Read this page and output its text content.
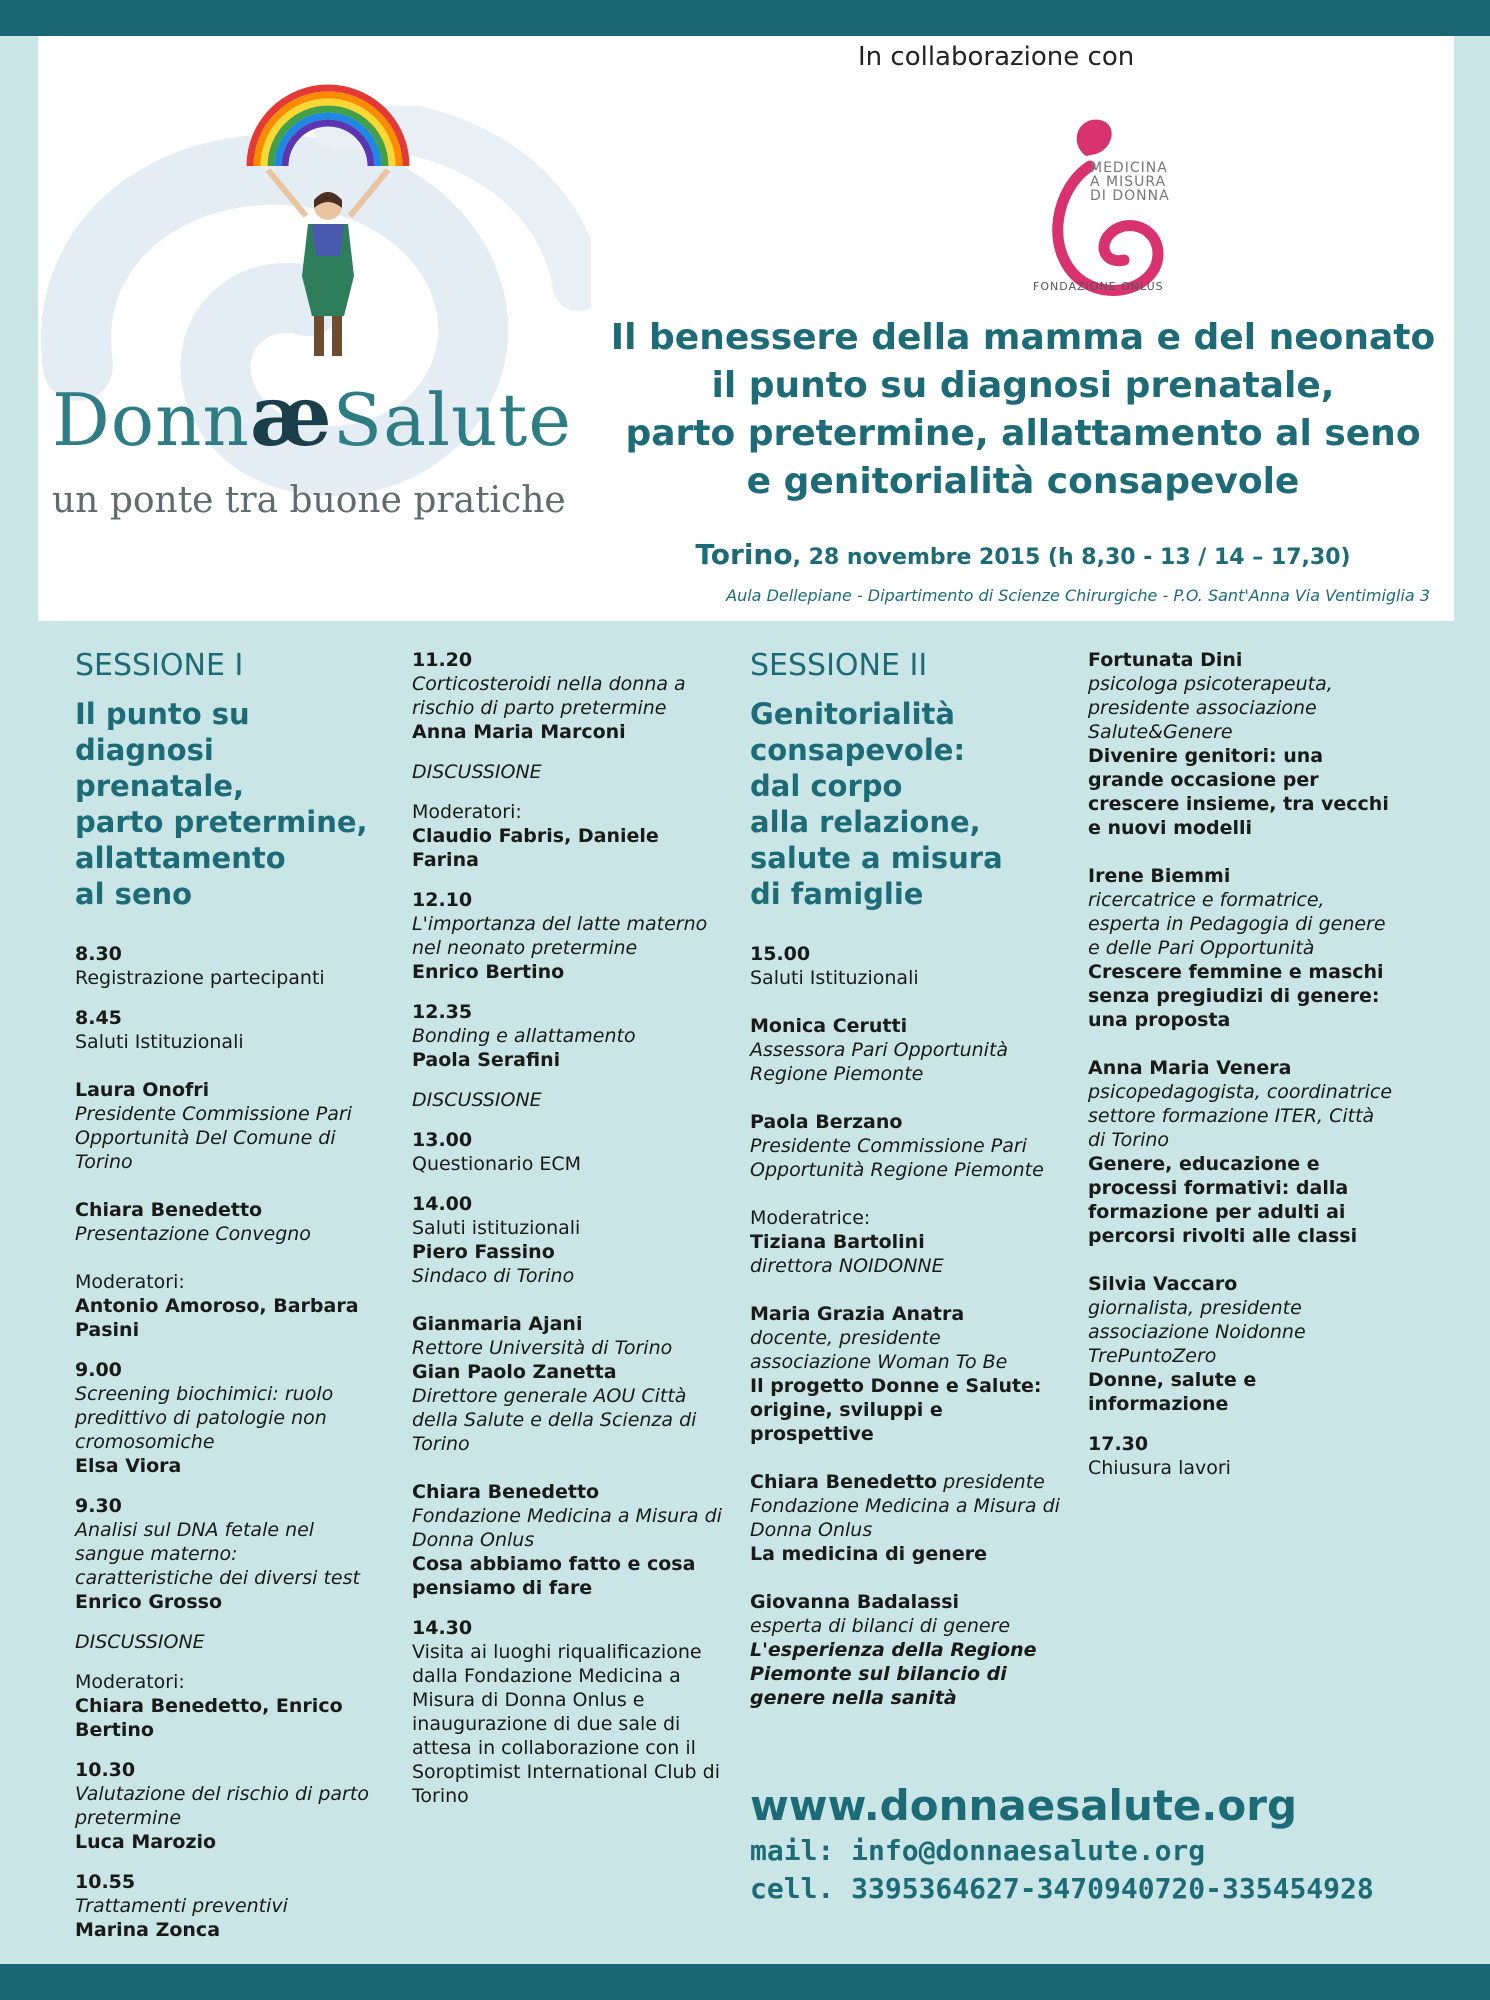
DonnæSalute
un ponte tra buone pratiche
In collaborazione con
MEDICINA
A MISURA
DI DONNA
FONDAZIONE ONLUS
Il benessere della mamma e del neonato
il punto su diagnosi prenatale,
parto pretermine, allattamento al seno
e genitorialità consapevole
Torino, 28 novembre 2015 (h 8,30 - 13 / 14 – 17,30)
Aula Dellepiane - Dipartimento di Scienze Chirurgiche - P.O. Sant'Anna Via Ventimiglia 3
SESSIONE I
Il punto su diagnosi
prenatale,
parto pretermine,
allattamento
al seno
8.30
Registrazione partecipanti
8.45
Saluti Istituzionali
Laura Onofri
Presidente Commissione Pari Opportunità Del Comune di Torino
Chiara Benedetto
Presentazione Convegno
Moderatori:
Antonio Amoroso, Barbara Pasini
9.00
Screening biochimici: ruolo predittivo di patologie non cromosomiche
Elsa Viora
9.30
Analisi sul DNA fetale nel sangue materno: caratteristiche dei diversi test
Enrico Grosso
DISCUSSIONE
Moderatori:
Chiara Benedetto, Enrico Bertino
10.30
Valutazione del rischio di parto pretermine
Luca Marozio
10.55
Trattamenti preventivi
Marina Zonca
11.20
Corticosteroidi nella donna a rischio di parto pretermine
Anna Maria Marconi
DISCUSSIONE
Moderatori:
Claudio Fabris, Daniele Farina
12.10
L'importanza del latte materno nel neonato pretermine
Enrico Bertino
12.35
Bonding e allattamento
Paola Serafini
DISCUSSIONE
13.00
Questionario ECM
14.00
Saluti istituzionali
Piero Fassino
Sindaco di Torino
Gianmaria Ajani
Rettore Università di Torino
Gian Paolo Zanetta
Direttore generale AOU Città della Salute e della Scienza di Torino
Chiara Benedetto
Fondazione Medicina a Misura di Donna Onlus
Cosa abbiamo fatto e cosa pensiamo di fare
14.30
Visita ai luoghi riqualificazione dalla Fondazione Medicina a Misura di Donna Onlus e inaugurazione di due sale di attesa in collaborazione con il Soroptimist International Club di Torino
SESSIONE II
Genitorialità
consapevole:
dal corpo
alla relazione,
salute a misura
di famiglie
15.00
Saluti Istituzionali
Monica Cerutti
Assessora Pari Opportunità Regione Piemonte
Paola Berzano
Presidente Commissione Pari Opportunità Regione Piemonte
Moderatrice:
Tiziana Bartolini
direttora NOIDONNE
Maria Grazia Anatra
docente, presidente associazione Woman To Be
Il progetto Donne e Salute: origine, sviluppi e prospettive
Chiara Benedetto presidente Fondazione Medicina a Misura di Donna Onlus
La medicina di genere
Giovanna Badalassi
esperta di bilanci di genere
L'esperienza della Regione Piemonte sul bilancio di genere nella sanità
Fortunata Dini
psicologa psicoterapeuta, presidente associazione Salute&Genere
Divenire genitori: una grande occasione per crescere insieme, tra vecchi e nuovi modelli
Irene Biemmi
ricercatrice e formatrice, esperta in Pedagogia di genere e delle Pari Opportunità
Crescere femmine e maschi senza pregiudizi di genere: una proposta
Anna Maria Venera
psicopedagogista, coordinatrice settore formazione ITER, Città di Torino
Genere, educazione e processi formativi: dalla formazione per adulti ai percorsi rivolti alle classi
Silvia Vaccaro
giornalista, presidente associazione Noidonne TrePuntoZero
Donne, salute e informazione
17.30
Chiusura lavori
www.donnaesalute.org
mail: info@donnaesalute.org
cell. 3395364627-3470940720-335454928
